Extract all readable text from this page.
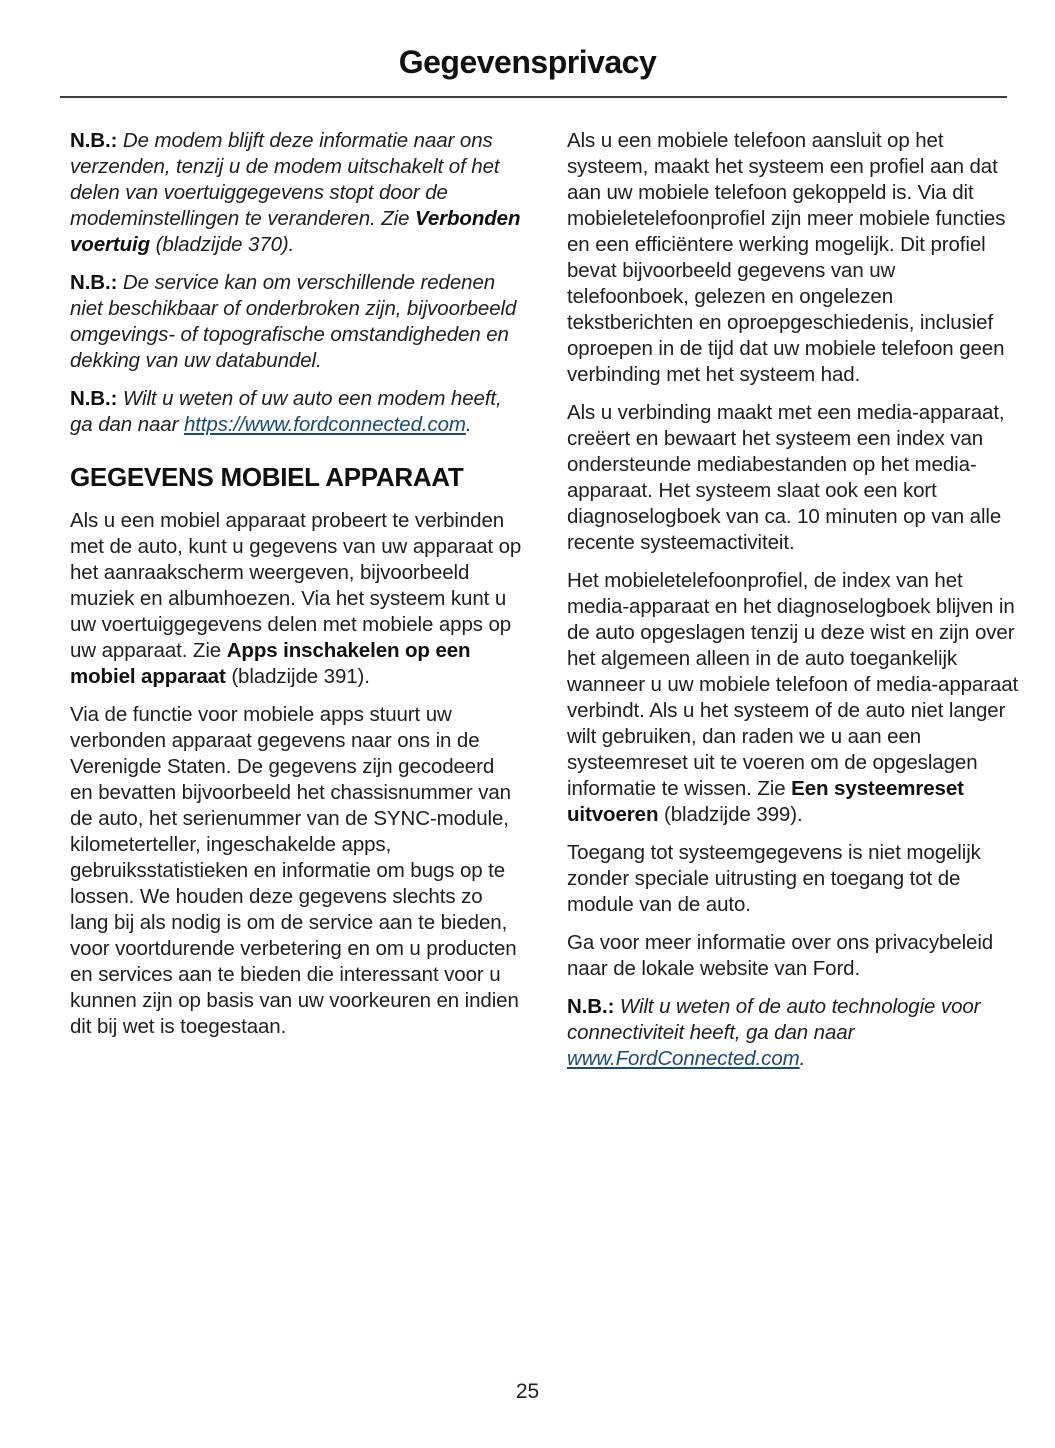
Gegevensprivacy

N.B.: De modem blijft deze informatie naar ons verzenden, tenzij u de modem uitschakelt of het delen van voertuiggegevens stopt door de modeminstellingen te veranderen. Zie Verbonden voertuig (bladzijde 370).

N.B.: De service kan om verschillende redenen niet beschikbaar of onderbroken zijn, bijvoorbeeld omgevings- of topografische omstandigheden en dekking van uw databundel.

N.B.: Wilt u weten of uw auto een modem heeft, ga dan naar https://www.fordconnected.com.

GEGEVENS MOBIEL APPARAAT

Als u een mobiel apparaat probeert te verbinden met de auto, kunt u gegevens van uw apparaat op het aanraakscherm weergeven, bijvoorbeeld muziek en albumhoezen. Via het systeem kunt u uw voertuiggegevens delen met mobiele apps op uw apparaat. Zie Apps inschakelen op een mobiel apparaat (bladzijde 391).

Via de functie voor mobiele apps stuurt uw verbonden apparaat gegevens naar ons in de Verenigde Staten. De gegevens zijn gecodeerd en bevatten bijvoorbeeld het chassisnummer van de auto, het serienummer van de SYNC-module, kilometerteller, ingeschakelde apps, gebruiksstatistieken en informatie om bugs op te lossen. We houden deze gegevens slechts zo lang bij als nodig is om de service aan te bieden, voor voortdurende verbetering en om u producten en services aan te bieden die interessant voor u kunnen zijn op basis van uw voorkeuren en indien dit bij wet is toegestaan.

Als u een mobiele telefoon aansluit op het systeem, maakt het systeem een profiel aan dat aan uw mobiele telefoon gekoppeld is. Via dit mobieletelefoonprofiel zijn meer mobiele functies en een efficiëntere werking mogelijk. Dit profiel bevat bijvoorbeeld gegevens van uw telefoonboek, gelezen en ongelezen tekstberichten en oproepgeschiedenis, inclusief oproepen in de tijd dat uw mobiele telefoon geen verbinding met het systeem had.

Als u verbinding maakt met een media-apparaat, creëert en bewaart het systeem een index van ondersteunde mediabestanden op het media-apparaat. Het systeem slaat ook een kort diagnoselogboek van ca. 10 minuten op van alle recente systeemactiviteit.

Het mobieletelefoonprofiel, de index van het media-apparaat en het diagnoselogboek blijven in de auto opgeslagen tenzij u deze wist en zijn over het algemeen alleen in de auto toegankelijk wanneer u uw mobiele telefoon of media-apparaat verbindt. Als u het systeem of de auto niet langer wilt gebruiken, dan raden we u aan een systeemreset uit te voeren om de opgeslagen informatie te wissen. Zie Een systeemreset uitvoeren (bladzijde 399).

Toegang tot systeemgegevens is niet mogelijk zonder speciale uitrusting en toegang tot de module van de auto.

Ga voor meer informatie over ons privacybeleid naar de lokale website van Ford.

N.B.: Wilt u weten of de auto technologie voor connectiviteit heeft, ga dan naar www.FordConnected.com.

25
